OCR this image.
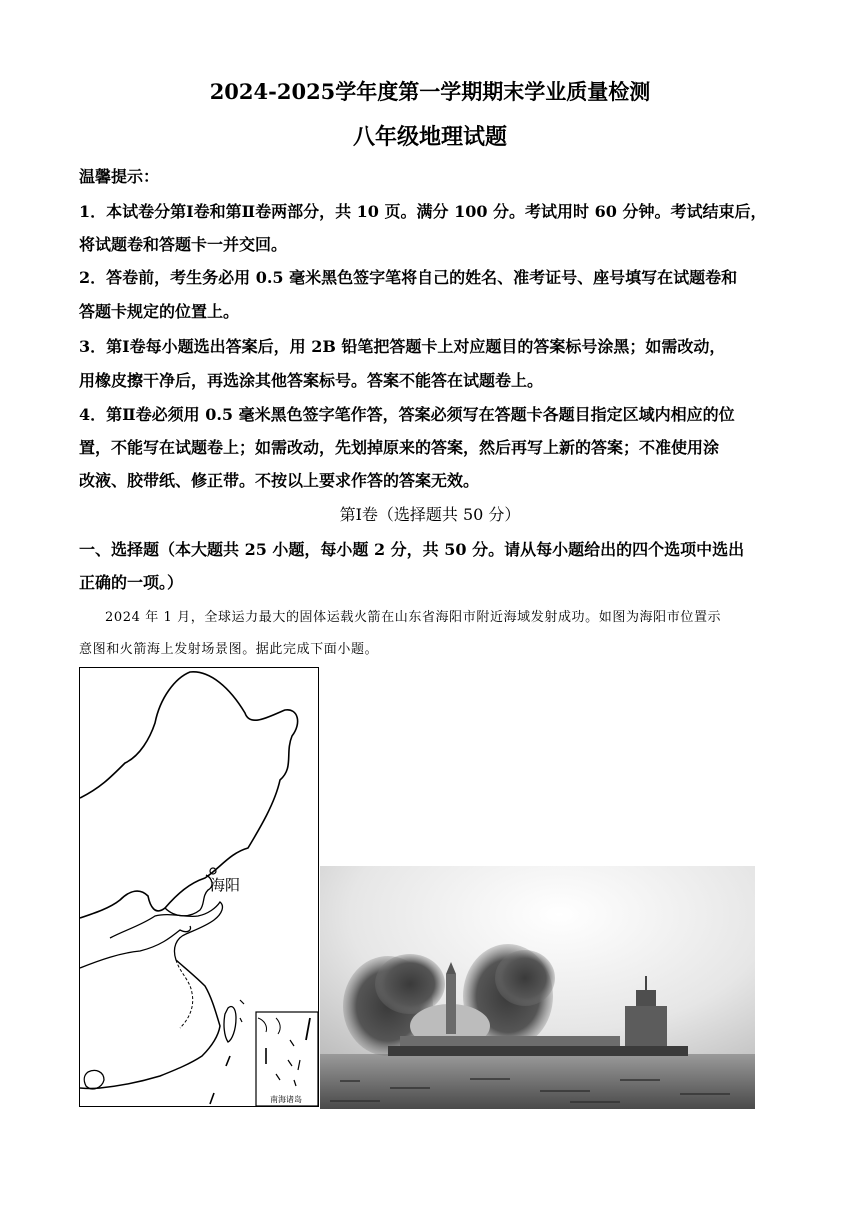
2024-2025学年度第一学期期末学业质量检测
八年级地理试题
温馨提示：
1．本试卷分第Ⅰ卷和第Ⅱ卷两部分，共 10 页。满分 100 分。考试用时 60 分钟。考试结束后，
将试题卷和答题卡一并交回。
2．答卷前，考生务必用 0.5 毫米黑色签字笔将自己的姓名、准考证号、座号填写在试题卷和
答题卡规定的位置上。
3．第Ⅰ卷每小题选出答案后，用 2B 铅笔把答题卡上对应题目的答案标号涂黑；如需改动，
用橡皮擦干净后，再选涂其他答案标号。答案不能答在试题卷上。
4．第Ⅱ卷必须用 0.5 毫米黑色签字笔作答，答案必须写在答题卡各题目指定区域内相应的位
置，不能写在试题卷上；如需改动，先划掉原来的答案，然后再写上新的答案；不准使用涂
改液、胶带纸、修正带。不按以上要求作答的答案无效。
第Ⅰ卷（选择题共 50 分）
一、选择题（本大题共 25 小题，每小题 2 分，共 50 分。请从每小题给出的四个选项中选出
正确的一项。）
2024 年 1 月，全球运力最大的固体运载火箭在山东省海阳市附近海域发射成功。如图为海阳市位置示
意图和火箭海上发射场景图。据此完成下面小题。
南海诸岛
海阳
